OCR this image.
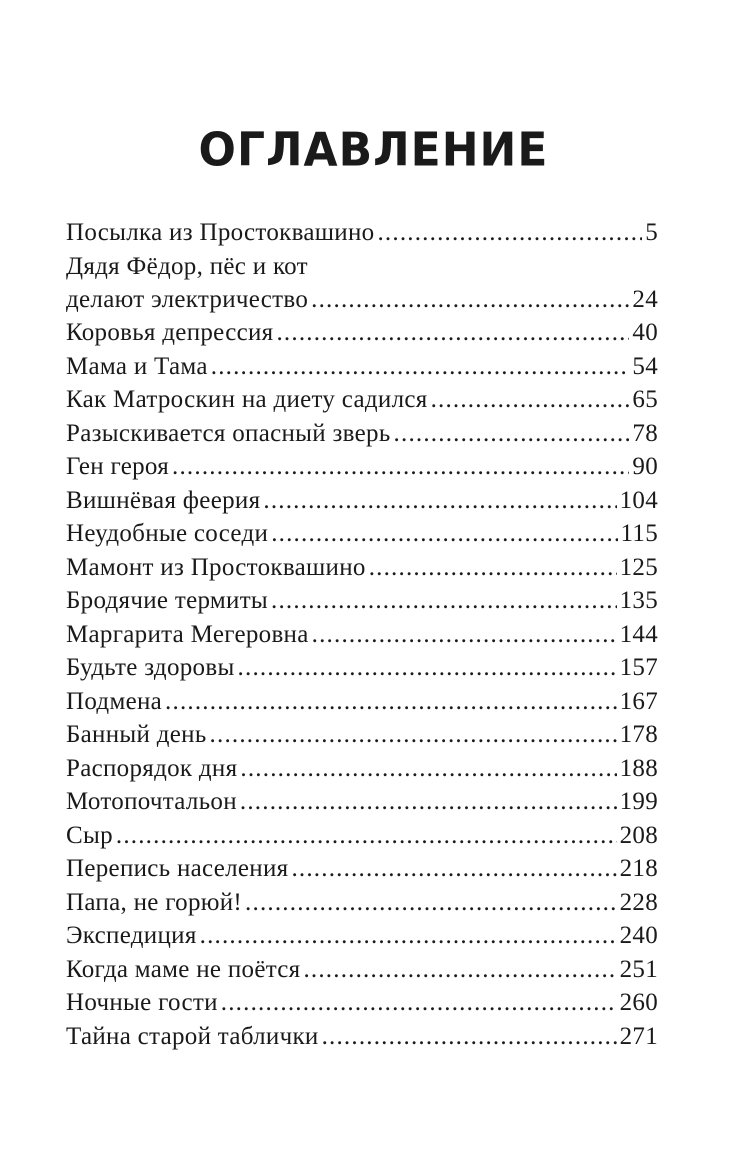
ОГЛАВЛЕНИЕ
Посылка из Простоквашино .....	5
Дядя Фёдор, пёс и кот
делают электричество .....	24
Коровья депрессия .....	40
Мама и Тама .....	54
Как Матроскин на диету садился .....	65
Разыскивается опасный зверь .....	78
Ген героя .....	90
Вишнёвая феерия .....	104
Неудобные соседи .....	115
Мамонт из Простоквашино .....	125
Бродячие термиты .....	135
Маргарита Мегеровна .....	144
Будьте здоровы .....	157
Подмена .....	167
Банный день .....	178
Распорядок дня .....	188
Мотопочтальон .....	199
Сыр .....	208
Перепись населения .....	218
Папа, не горюй! .....	228
Экспедиция .....	240
Когда маме не поётся .....	251
Ночные гости .....	260
Тайна старой таблички .....	271
